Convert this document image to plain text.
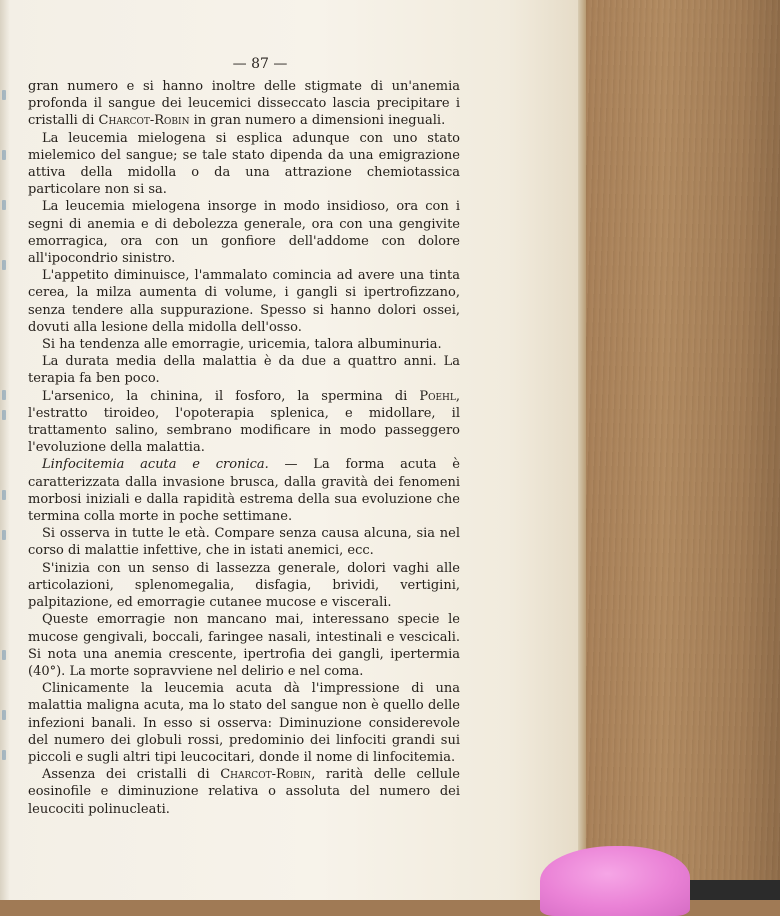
— 87 —

gran numero e si hanno inoltre delle stigmate di un'anemia profonda il sangue dei leucemici disseccato lascia precipitare i cristalli di Charcot-Robin in gran numero a dimensioni ineguali.

La leucemia mielogena si esplica adunque con uno stato mielemico del sangue; se tale stato dipenda da una emigrazione attiva della midolla o da una attrazione chemiotassica particolare non si sa.

La leucemia mielogena insorge in modo insidioso, ora con i segni di anemia e di debolezza generale, ora con una gengivite emorragica, ora con un gonfiore dell'addome con dolore all'ipocondrio sinistro.

L'appetito diminuisce, l'ammalato comincia ad avere una tinta cerea, la milza aumenta di volume, i gangli si ipertrofizzano, senza tendere alla suppurazione. Spesso si hanno dolori ossei, dovuti alla lesione della midolla dell'osso.

Si ha tendenza alle emorragie, uricemia, talora albuminuria.

La durata media della malattia è da due a quattro anni. La terapia fa ben poco.

L'arsenico, la chinina, il fosforo, la spermina di Poehl, l'estratto tiroideo, l'opoterapia splenica, e midollare, il trattamento salino, sembrano modificare in modo passeggero l'evoluzione della malattia.

Linfocitemia acuta e cronica. — La forma acuta è caratterizzata dalla invasione brusca, dalla gravità dei fenomeni morbosi iniziali e dalla rapidità estrema della sua evoluzione che termina colla morte in poche settimane.

Si osserva in tutte le età. Compare senza causa alcuna, sia nel corso di malattie infettive, che in istati anemici, ecc.

S'inizia con un senso di lassezza generale, dolori vaghi alle articolazioni, splenomegalia, disfagia, brividi, vertigini, palpitazione, ed emorragie cutanee mucose e viscerali.

Queste emorragie non mancano mai, interessano specie le mucose gengivali, boccali, faringee nasali, intestinali e vescicali. Si nota una anemia crescente, ipertrofia dei gangli, ipertermia (40°). La morte sopravviene nel delirio e nel coma.

Clinicamente la leucemia acuta dà l'impressione di una malattia maligna acuta, ma lo stato del sangue non è quello delle infezioni banali. In esso si osserva: Diminuzione considerevole del numero dei globuli rossi, predominio dei linfociti grandi sui piccoli e sugli altri tipi leucocitari, donde il nome di linfocitemia.

Assenza dei cristalli di Charcot-Robin, rarità delle cellule eosinofile e diminuzione relativa o assoluta del numero dei leucociti polinucleati.
